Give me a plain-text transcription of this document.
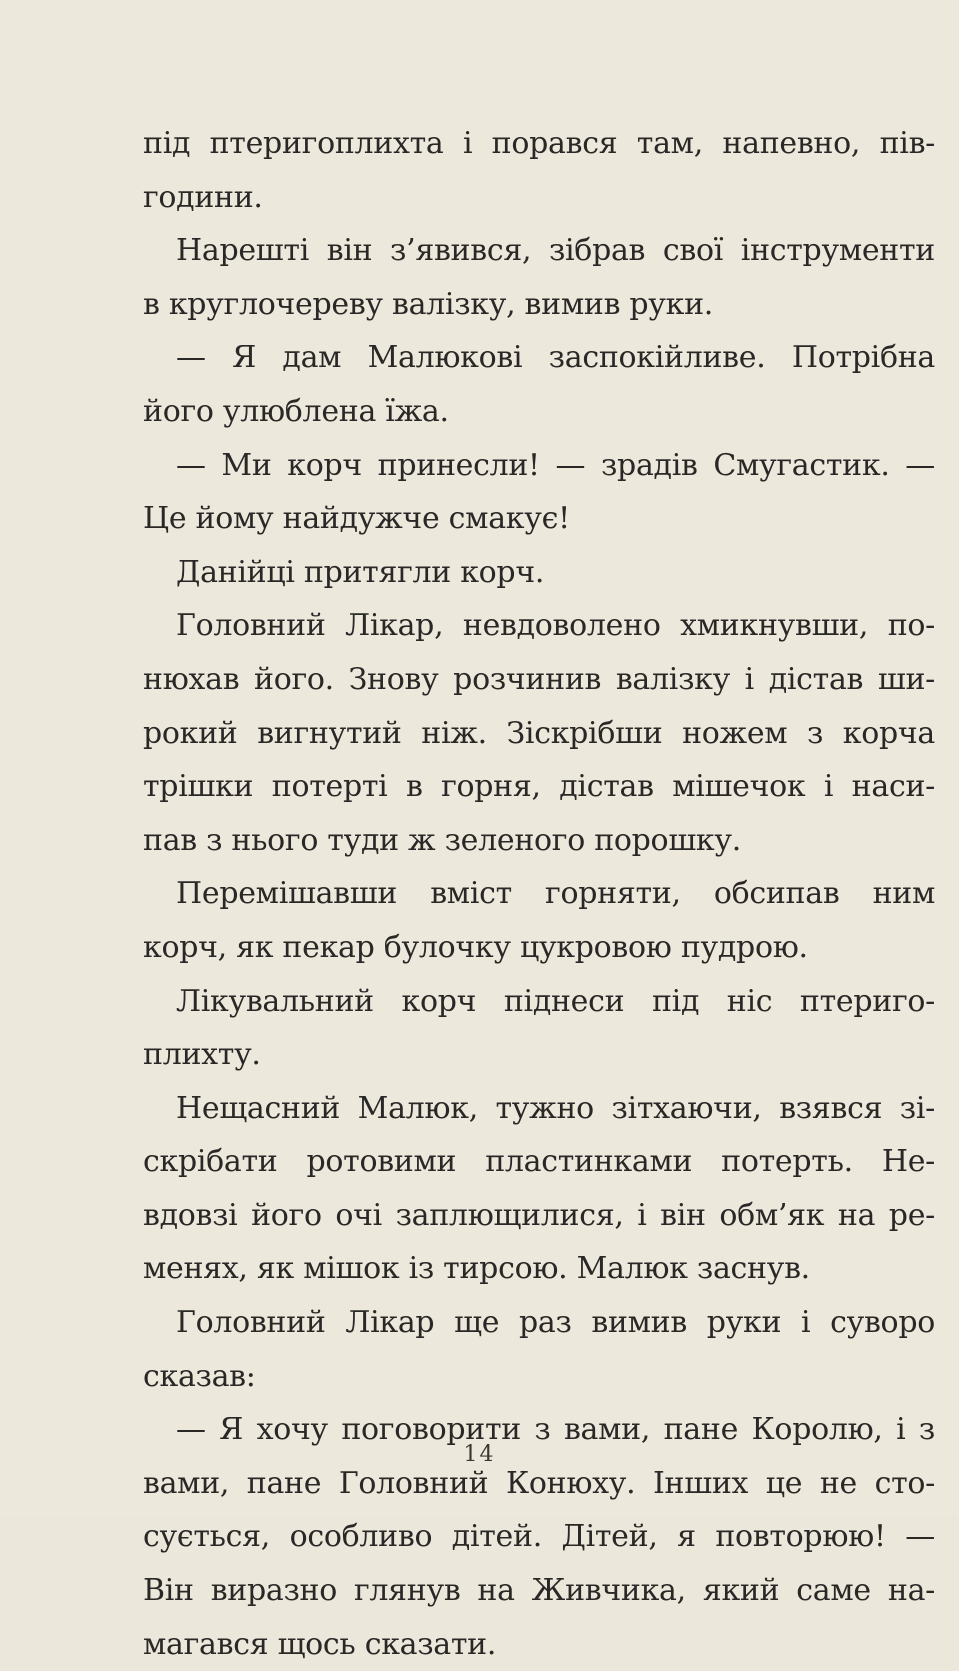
під птеригоплихта і порався там, напевно, пів-
години.
Нарешті він з’явився, зібрав свої інструменти
в круглочереву валізку, вимив руки.
— Я дам Малюкові заспокійливе. Потрібна
його улюблена їжа.
— Ми корч принесли! — зрадів Смугастик. —
Це йому найдужче смакує!
Данійці притягли корч.
Головний Лікар, невдоволено хмикнувши, по-
нюхав його. Знову розчинив валізку і дістав ши-
рокий вигнутий ніж. Зіскрібши ножем з корча
трішки потерті в горня, дістав мішечок і наси-
пав з нього туди ж зеленого порошку.
Перемішавши вміст горняти, обсипав ним
корч, як пекар булочку цукровою пудрою.
Лікувальний корч піднеси під ніс птериго-
плихту.
Нещасний Малюк, тужно зітхаючи, взявся зі-
скрібати ротовими пластинками потерть. Не-
вдовзі його очі заплющилися, і він обм’як на ре-
менях, як мішок із тирсою. Малюк заснув.
Головний Лікар ще раз вимив руки і суворо
сказав:
— Я хочу поговорити з вами, пане Королю, і з
вами, пане Головний Конюху. Інших це не сто-
сується, особливо дітей. Дітей, я повторюю! —
Він виразно глянув на Живчика, який саме на-
магався щось сказати.
14
